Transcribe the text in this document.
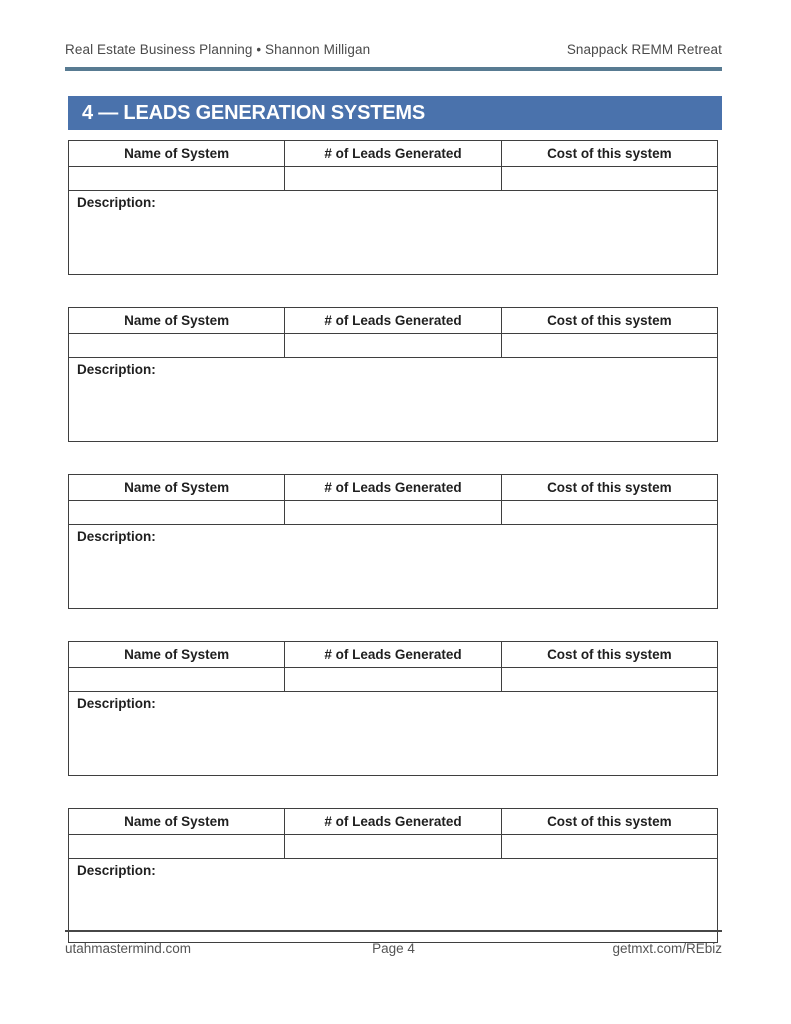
Real Estate Business Planning • Shannon Milligan	Snappack REMM Retreat
4 — LEADS GENERATION SYSTEMS
Name of System	# of Leads Generated	Cost of this system

Description:		
Name of System	# of Leads Generated	Cost of this system

Description:		
Name of System	# of Leads Generated	Cost of this system

Description:		
Name of System	# of Leads Generated	Cost of this system

Description:		
Name of System	# of Leads Generated	Cost of this system

Description:		
utahmastermind.com	Page 4	getmxt.com/REbiz
